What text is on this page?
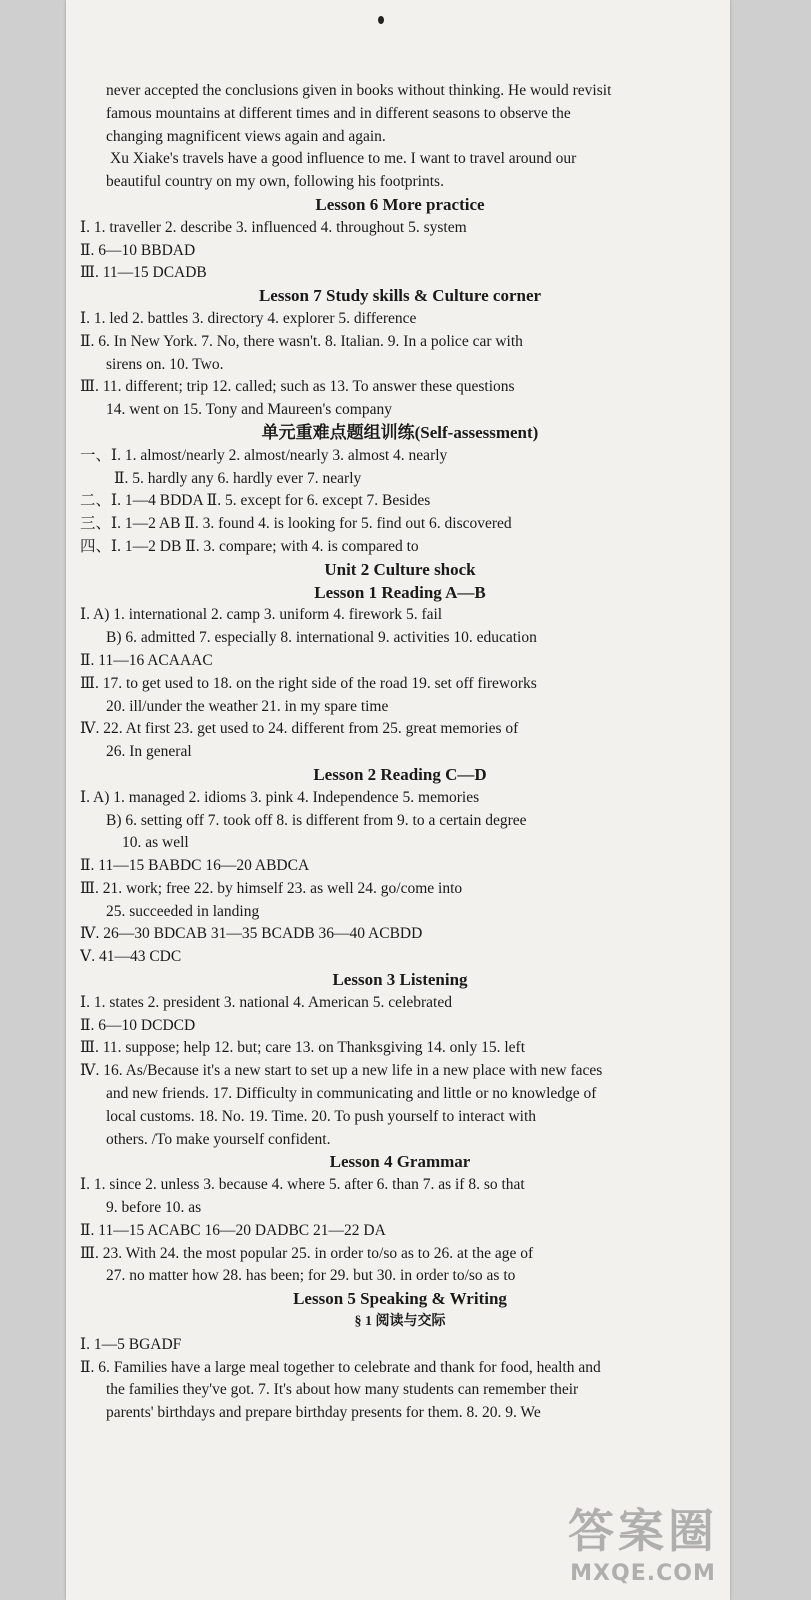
never accepted the conclusions given in books without thinking. He would revisit
famous mountains at different times and in different seasons to observe the
changing magnificent views again and again.
Xu Xiake's travels have a good influence to me. I want to travel around our
beautiful country on my own, following his footprints.
Lesson 6 More practice
Ⅰ. 1. traveller 2. describe 3. influenced 4. throughout 5. system
Ⅱ. 6—10 BBDAD
Ⅲ. 11—15 DCADB
Lesson 7 Study skills & Culture corner
Ⅰ. 1. led 2. battles 3. directory 4. explorer 5. difference
Ⅱ. 6. In New York. 7. No, there wasn't. 8. Italian. 9. In a police car with
sirens on. 10. Two.
Ⅲ. 11. different; trip 12. called; such as 13. To answer these questions
14. went on 15. Tony and Maureen's company
单元重难点题组训练(Self-assessment)
一、Ⅰ. 1. almost/nearly 2. almost/nearly 3. almost 4. nearly
Ⅱ. 5. hardly any 6. hardly ever 7. nearly
二、Ⅰ. 1—4 BDDA Ⅱ. 5. except for 6. except 7. Besides
三、Ⅰ. 1—2 AB Ⅱ. 3. found 4. is looking for 5. find out 6. discovered
四、Ⅰ. 1—2 DB Ⅱ. 3. compare; with 4. is compared to
Unit 2 Culture shock
Lesson 1 Reading A—B
Ⅰ. A) 1. international 2. camp 3. uniform 4. firework 5. fail
B) 6. admitted 7. especially 8. international 9. activities 10. education
Ⅱ. 11—16 ACAAAC
Ⅲ. 17. to get used to 18. on the right side of the road 19. set off fireworks
20. ill/under the weather 21. in my spare time
Ⅳ. 22. At first 23. get used to 24. different from 25. great memories of
26. In general
Lesson 2 Reading C—D
Ⅰ. A) 1. managed 2. idioms 3. pink 4. Independence 5. memories
B) 6. setting off 7. took off 8. is different from 9. to a certain degree
10. as well
Ⅱ. 11—15 BABDC 16—20 ABDCA
Ⅲ. 21. work; free 22. by himself 23. as well 24. go/come into
25. succeeded in landing
Ⅳ. 26—30 BDCAB 31—35 BCADB 36—40 ACBDD
Ⅴ. 41—43 CDC
Lesson 3 Listening
Ⅰ. 1. states 2. president 3. national 4. American 5. celebrated
Ⅱ. 6—10 DCDCD
Ⅲ. 11. suppose; help 12. but; care 13. on Thanksgiving 14. only 15. left
Ⅳ. 16. As/Because it's a new start to set up a new life in a new place with new faces
and new friends. 17. Difficulty in communicating and little or no knowledge of
local customs. 18. No. 19. Time. 20. To push yourself to interact with
others. /To make yourself confident.
Lesson 4 Grammar
Ⅰ. 1. since 2. unless 3. because 4. where 5. after 6. than 7. as if 8. so that
9. before 10. as
Ⅱ. 11—15 ACABC 16—20 DADBC 21—22 DA
Ⅲ. 23. With 24. the most popular 25. in order to/so as to 26. at the age of
27. no matter how 28. has been; for 29. but 30. in order to/so as to
Lesson 5 Speaking & Writing
§ 1 阅读与交际
Ⅰ. 1—5 BGADF
Ⅱ. 6. Families have a large meal together to celebrate and thank for food, health and
the families they've got. 7. It's about how many students can remember their
parents' birthdays and prepare birthday presents for them. 8. 20. 9. We
答案圈
MXQE.COM
